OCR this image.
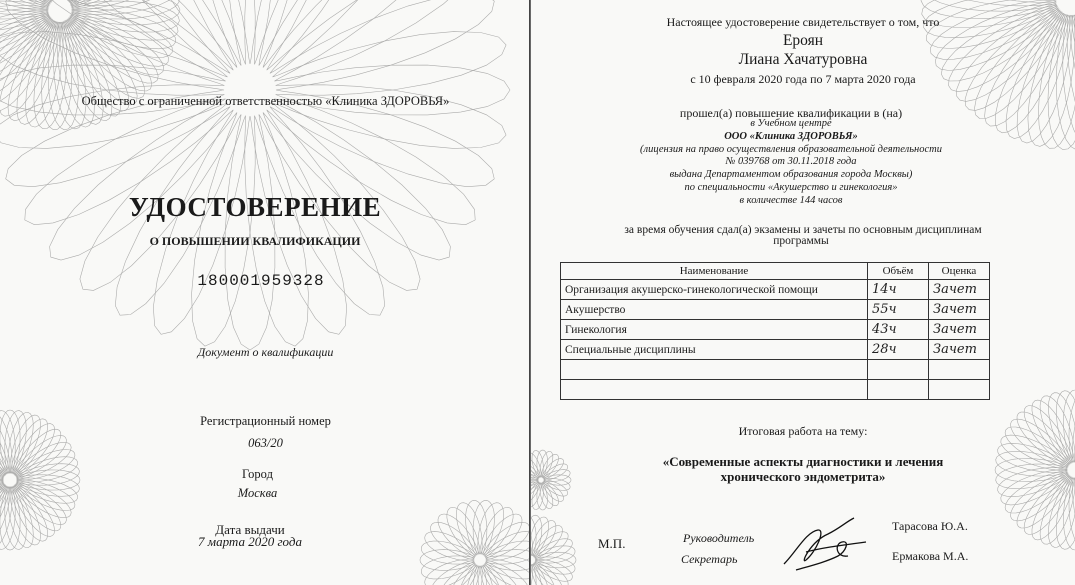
Общество с ограниченной ответственностью «Клиника ЗДОРОВЬЯ»
УДОСТОВЕРЕНИЕ
О ПОВЫШЕНИИ КВАЛИФИКАЦИИ
180001959328
Документ о квалификации
Регистрационный номер
063/20
Город
Москва
Дата выдачи
7 марта 2020 года
Настоящее удостоверение свидетельствует о том, что
Ероян
Лиана Хачатуровна
с 10 февраля 2020 года по 7 марта 2020 года
прошел(а) повышение квалификации в (на)
в Учебном центре
ООО «Клиника ЗДОРОВЬЯ»
(лицензия на право осуществления образовательной деятельности
№ 039768 от 30.11.2018 года
выдана Департаментом образования города Москвы)
по специальности «Акушерство и гинекология»
в количестве 144 часов
за время обучения сдал(а) экзамены и зачеты по основным дисциплинам
программы
Наименование	Объём	Оценка
Организация акушерско-гинекологической помощи	14ч	Зачет
Акушерство	55ч	Зачет
Гинекология	43ч	Зачет
Специальные дисциплины	28ч	Зачет

Итоговая работа на тему:
«Современные аспекты диагностики и лечения
хронического эндометрита»
М.П.	Руководитель
Секретарь
Тарасова Ю.А.
Ермакова М.А.
